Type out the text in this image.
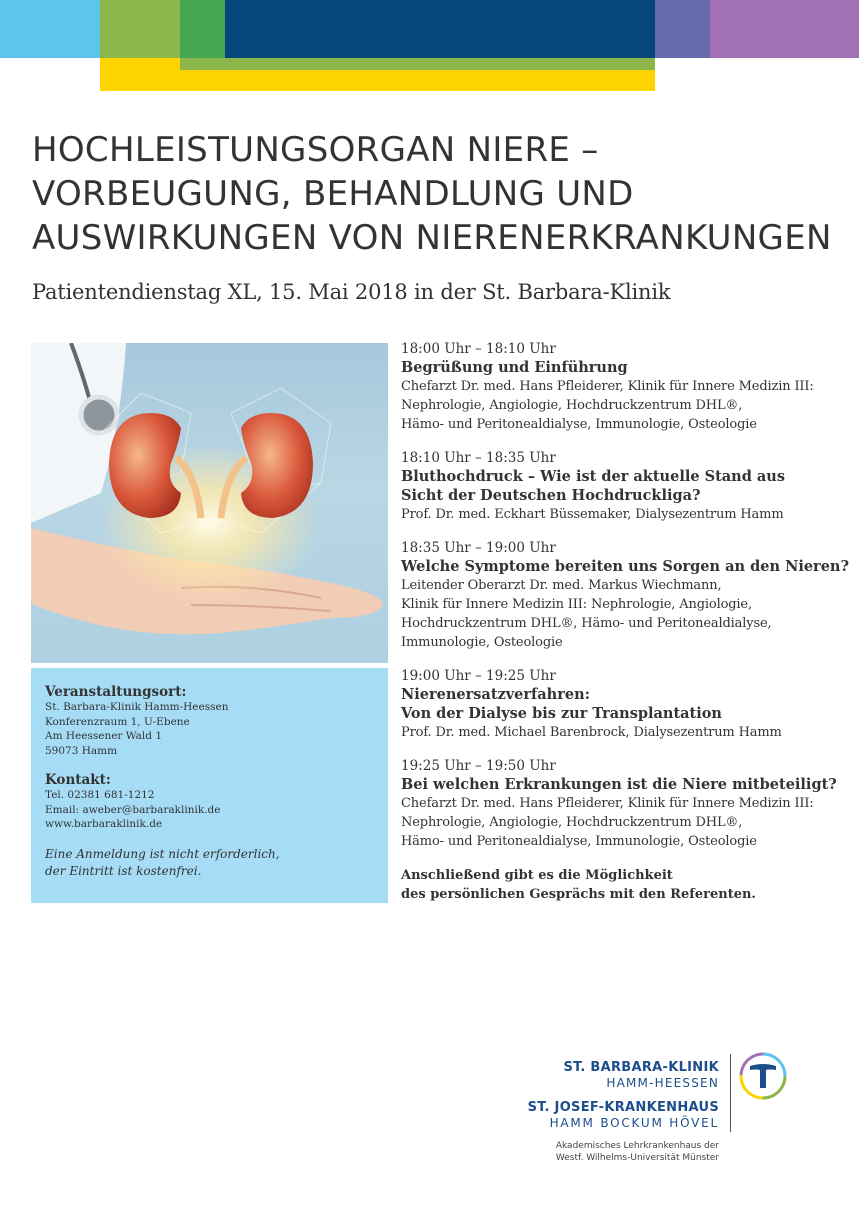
HOCHLEISTUNGSORGAN NIERE –
VORBEUGUNG, BEHANDLUNG UND
AUSWIRKUNGEN VON NIERENERKRANKUNGEN
Patientendienstag XL, 15. Mai 2018 in der St. Barbara-Klinik
Veranstaltungsort:
St. Barbara-Klinik Hamm-Heessen
Konferenzraum 1, U-Ebene
Am Heessener Wald 1
59073 Hamm
Kontakt:
Tel. 02381 681-1212
Email: aweber@barbaraklinik.de
www.barbaraklinik.de
Eine Anmeldung ist nicht erforderlich,
der Eintritt ist kostenfrei.
18:00 Uhr – 18:10 Uhr
Begrüßung und Einführung
Chefarzt Dr. med. Hans Pfleiderer, Klinik für Innere Medizin III:
Nephrologie, Angiologie, Hochdruckzentrum DHL®,
Hämo- und Peritonealdialyse, Immunologie, Osteologie
18:10 Uhr – 18:35 Uhr
Bluthochdruck – Wie ist der aktuelle Stand aus
Sicht der Deutschen Hochdruckliga?
Prof. Dr. med. Eckhart Büssemaker, Dialysezentrum Hamm
18:35 Uhr – 19:00 Uhr
Welche Symptome bereiten uns Sorgen an den Nieren?
Leitender Oberarzt Dr. med. Markus Wiechmann,
Klinik für Innere Medizin III: Nephrologie, Angiologie,
Hochdruckzentrum DHL®, Hämo- und Peritonealdialyse,
Immunologie, Osteologie
19:00 Uhr – 19:25 Uhr
Nierenersatzverfahren:
Von der Dialyse bis zur Transplantation
Prof. Dr. med. Michael Barenbrock, Dialysezentrum Hamm
19:25 Uhr – 19:50 Uhr
Bei welchen Erkrankungen ist die Niere mitbeteiligt?
Chefarzt Dr. med. Hans Pfleiderer, Klinik für Innere Medizin III:
Nephrologie, Angiologie, Hochdruckzentrum DHL®,
Hämo- und Peritonealdialyse, Immunologie, Osteologie
Anschließend gibt es die Möglichkeit
des persönlichen Gesprächs mit den Referenten.
ST. BARBARA-KLINIK
HAMM-HEESSEN
ST. JOSEF-KRANKENHAUS
HAMM BOCKUM HÖVEL
Akademisches Lehrkrankenhaus der
Westf. Wilhelms-Universität Münster
